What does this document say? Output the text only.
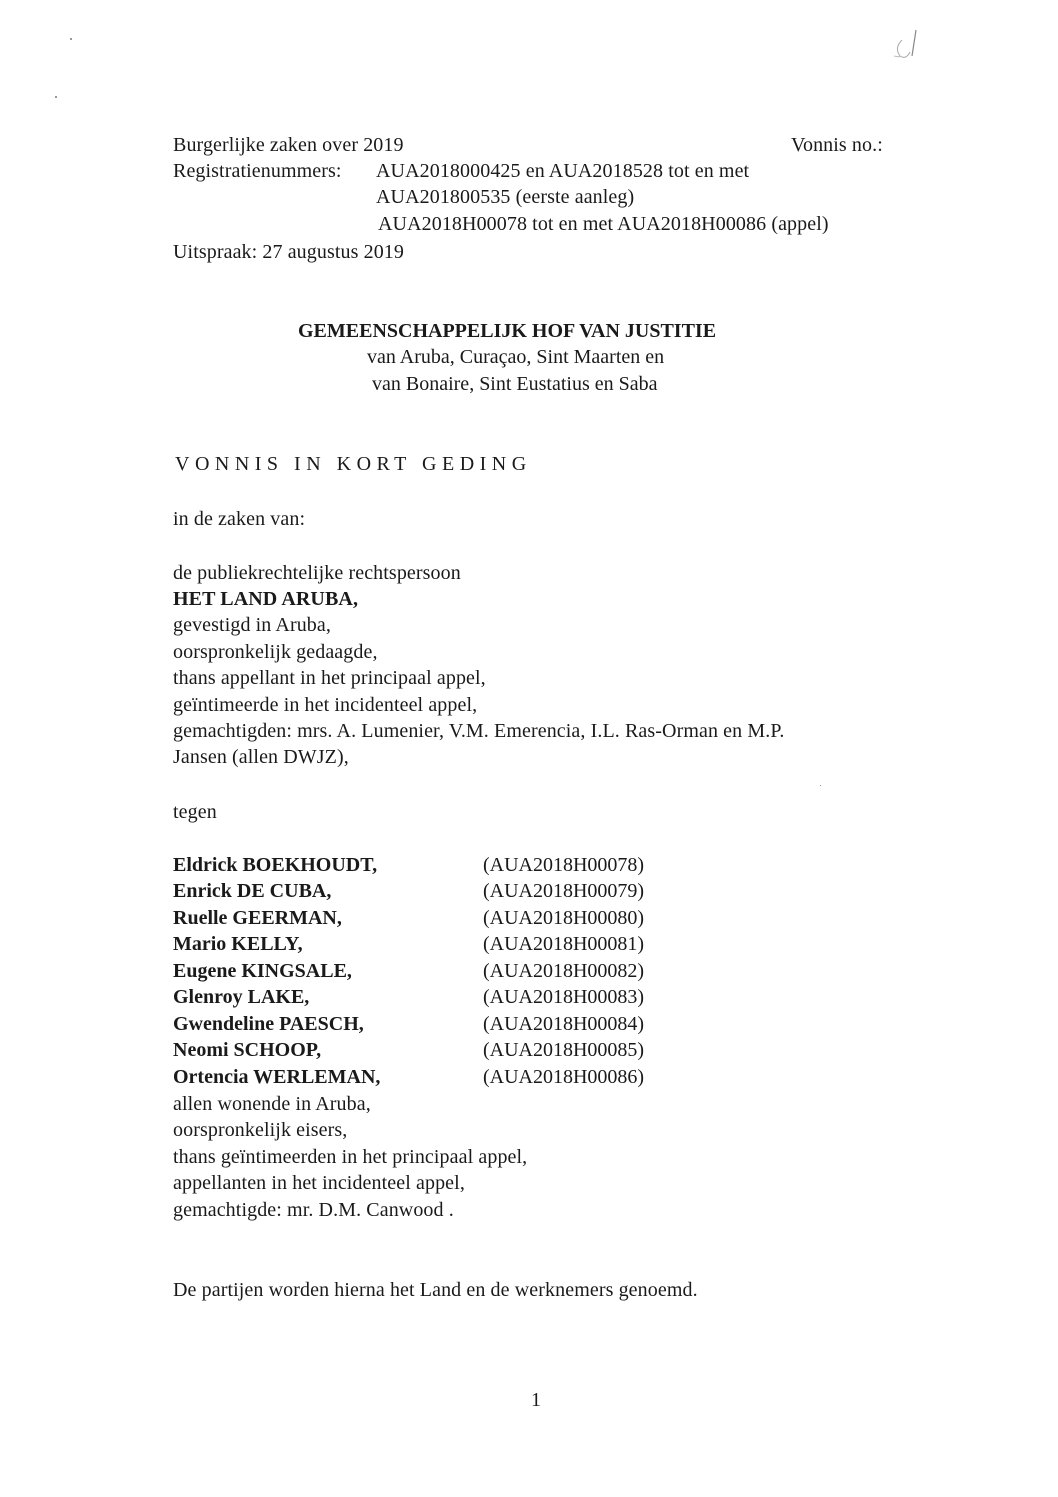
Burgerlijke zaken over 2019	Vonnis no.:
Registratienummers: AUA2018000425 en AUA2018528 tot en met
AUA201800535 (eerste aanleg)
AUA2018H00078 tot en met AUA2018H00086 (appel)
Uitspraak: 27 augustus 2019
GEMEENSCHAPPELIJK HOF VAN JUSTITIE
van Aruba, Curaçao, Sint Maarten en
van Bonaire, Sint Eustatius en Saba
VONNIS IN KORT GEDING
in de zaken van:
de publiekrechtelijke rechtspersoon
HET LAND ARUBA,
gevestigd in Aruba,
oorspronkelijk gedaagde,
thans appellant in het principaal appel,
geïntimeerde in het incidenteel appel,
gemachtigden: mrs. A. Lumenier, V.M. Emerencia, I.L. Ras-Orman en M.P.
Jansen (allen DWJZ),
tegen
Eldrick BOEKHOUDT,	(AUA2018H00078)
Enrick DE CUBA,	(AUA2018H00079)
Ruelle GEERMAN,	(AUA2018H00080)
Mario KELLY,	(AUA2018H00081)
Eugene KINGSALE,	(AUA2018H00082)
Glenroy LAKE,	(AUA2018H00083)
Gwendeline PAESCH,	(AUA2018H00084)
Neomi SCHOOP,	(AUA2018H00085)
Ortencia WERLEMAN,	(AUA2018H00086)
allen wonende in Aruba,
oorspronkelijk eisers,
thans geïntimeerden in het principaal appel,
appellanten in het incidenteel appel,
gemachtigde: mr. D.M. Canwood .
De partijen worden hierna het Land en de werknemers genoemd.
1
